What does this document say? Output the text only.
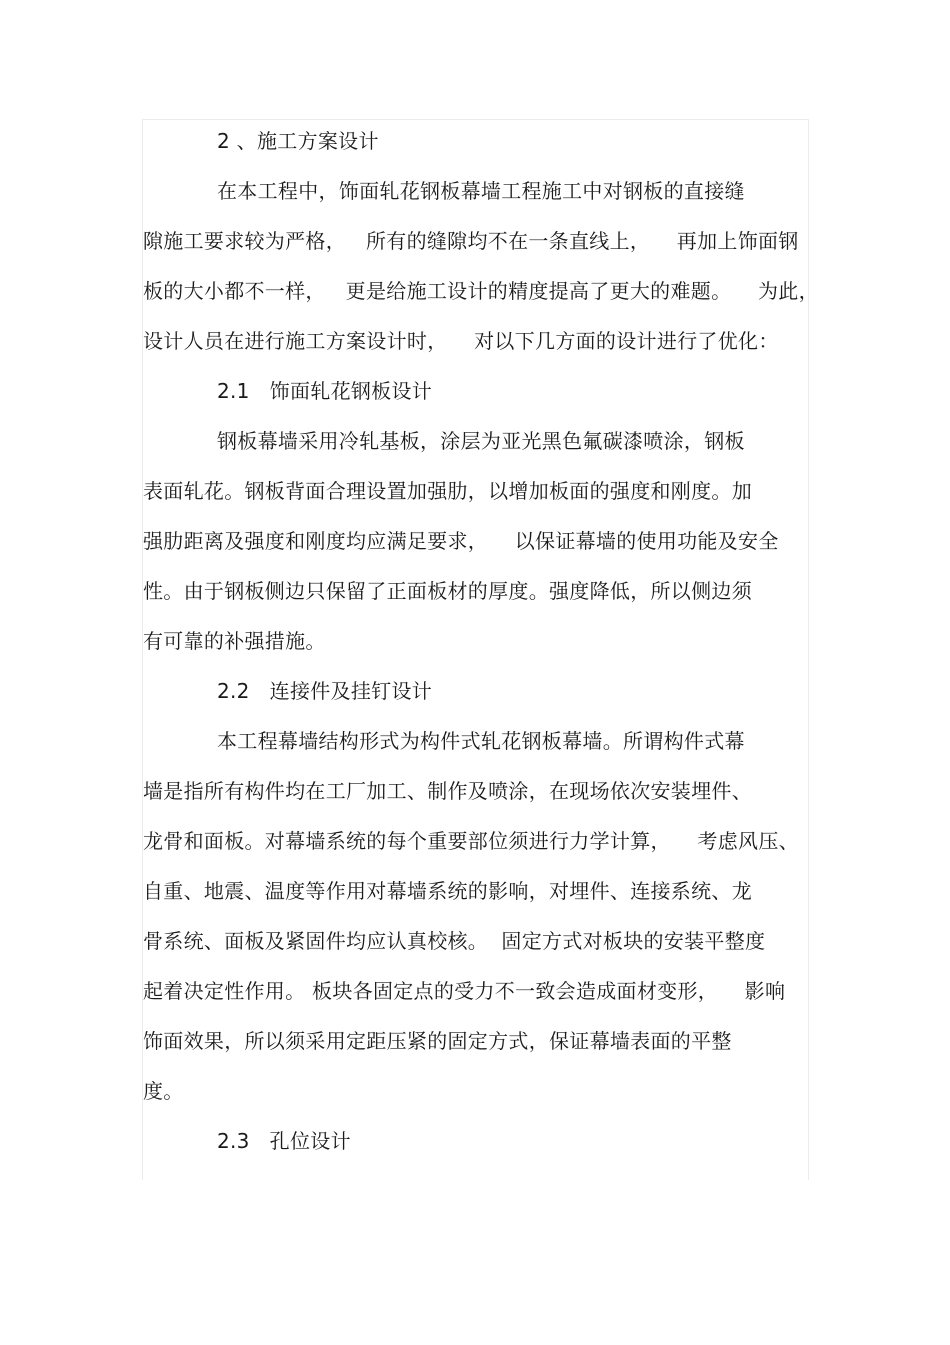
2 、施工方案设计
在本工程中，饰面轧花钢板幕墙工程施工中对钢板的直接缝
隙施工要求较为严格，   所有的缝隙均不在一条直线上，    再加上饰面钢
板的大小都不一样，   更是给施工设计的精度提高了更大的难题。    为此，
设计人员在进行施工方案设计时，    对以下几方面的设计进行了优化：
2.1   饰面轧花钢板设计
钢板幕墙采用冷轧基板，涂层为亚光黑色氟碳漆喷涂，钢板
表面轧花。钢板背面合理设置加强肋，以增加板面的强度和刚度。加
强肋距离及强度和刚度均应满足要求，    以保证幕墙的使用功能及安全
性。由于钢板侧边只保留了正面板材的厚度。强度降低，所以侧边须
有可靠的补强措施。
2.2   连接件及挂钉设计
本工程幕墙结构形式为构件式轧花钢板幕墙。所谓构件式幕
墙是指所有构件均在工厂加工、制作及喷涂，在现场依次安装埋件、
龙骨和面板。对幕墙系统的每个重要部位须进行力学计算，    考虑风压、
自重、地震、温度等作用对幕墙系统的影响，对埋件、连接系统、龙
骨系统、面板及紧固件均应认真校核。  固定方式对板块的安装平整度
起着决定性作用。 板块各固定点的受力不一致会造成面材变形，    影响
饰面效果，所以须采用定距压紧的固定方式，保证幕墙表面的平整
度。
2.3   孔位设计
